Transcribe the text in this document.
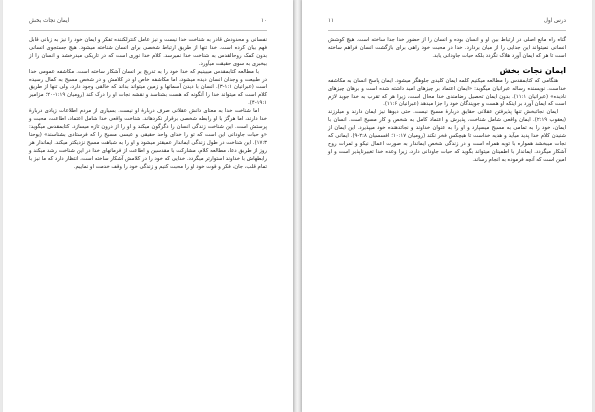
ایمان نجات بخش	۱۰

نفسانی و محدودش قادر به شناخت خدا نیست و نیز عامل کنترلکننده تفکر و ایمان خود را نیز به زبانی قابل فهم بیان کرده است. خدا تنها از طریق ارتباط شخصی برای انسان شناخته میشود. هیچ جستجوی انسانی بدون کمک روحالقدس به شناخت خدا نمیرسد. کلام خدا نوری است که در تاریکی میدرخشد و انسان را از بیخبری به سوی حقیقت میآورد.

با مطالعه کتابمقدس میبینیم که خدا خود را به تدریج بر انسان آشکار ساخته است. مکاشفه عمومی خدا در طبیعت و وجدان انسان دیده میشود، اما مکاشفه خاص او در کلامش و در شخص مسیح به کمال رسیده است (عبرانیان ۱:۱-۳). انسان با دیدن آسمانها و زمین میتواند بداند که خالقی وجود دارد، ولی تنها از طریق کلام است که میتواند خدا را آنگونه که هست بشناسد و نقشه نجات او را درک کند (رومیان ۱:۱۹-۲۰؛ مزامیر ۱۹:۱-۴).

اما شناخت خدا به معنای دانش عقلانی صرف دربارهٔ او نیست. بسیاری از مردم اطلاعات زیادی دربارهٔ خدا دارند، اما هرگز با او رابطه شخصی برقرار نکردهاند. شناخت واقعی خدا شامل اعتماد، اطاعت، محبت و پرستش است. این شناخت زندگی انسان را دگرگون میکند و او را از درون تازه میسازد. کتابمقدس میگوید: «و حیات جاودانی این است که تو را خدای واحد حقیقی و عیسی مسیح را که فرستادی بشناسند» (یوحنا ۱۷:۳). این شناخت در طول زندگی ایماندار عمیقتر میشود و او را به شباهت مسیح نزدیکتر میکند. ایماندار هر روز از طریق دعا، مطالعه کلام، مشارکت با مقدسین و اطاعت از فرمانهای خدا در این شناخت رشد میکند و رابطهاش با خداوند استوارتر میگردد. خدایی که خود را در کلامش آشکار ساخته است، انتظار دارد که ما نیز با تمام قلب، جان، فکر و قوت خود او را محبت کنیم و زندگی خود را وقف خدمت او نماییم.

۱۱	درس اول

گناه راه مانع اصلی در ارتباط بین او و انسان بوده و انسان را از حضور خدا جدا ساخته است. هیچ کوشش انسانی نمیتواند این جدایی را از میان بردارد. خدا در محبت خود راهی برای بازگشت انسان فراهم ساخته است تا هر که ایمان آورد هلاک نگردد بلکه حیات جاودانی یابد.

ایمان نجات بخش

هنگامی که کتابمقدس را مطالعه میکنیم کلمه ایمان کلیدی جلوهگر میشود. ایمان پاسخ انسان به مکاشفه خداست. نویسنده رساله عبرانیان میگوید: «ایمان اعتماد بر چیزهای امید داشته شده است و برهان چیزهای نادیده» (عبرانیان ۱۱:۱). بدون ایمان تحصیل رضامندی خدا محال است، زیرا هر که تقرب به خدا جوید لازم است که ایمان آورد بر اینکه او هست و جویندگان خود را جزا میدهد (عبرانیان ۱۱:۶).

ایمان نجاتبخش تنها پذیرفتن عقلانی حقایق دربارهٔ مسیح نیست. حتی دیوها نیز ایمان دارند و میلرزند (یعقوب ۲:۱۹). ایمان واقعی شامل شناخت، پذیرش و اعتماد کامل به شخص و کار مسیح است. انسان با ایمان، خود را به تمامی به مسیح میسپارد و او را به عنوان خداوند و نجاتدهنده خود میپذیرد. این ایمان از شنیدن کلام خدا پدید میآید و هدیه خداست تا هیچکس فخر نکند (رومیان ۱۰:۱۷؛ افسسیان ۲:۸-۹). ایمانی که نجات میبخشد همواره با توبه همراه است و در زندگی شخص ایماندار به صورت اعمال نیکو و ثمرات روح آشکار میگردد. ایماندار با اطمینان میتواند بگوید که حیات جاودانی دارد، زیرا وعده خدا تغییرناپذیر است و او امین است که آنچه فرموده به انجام رساند.
